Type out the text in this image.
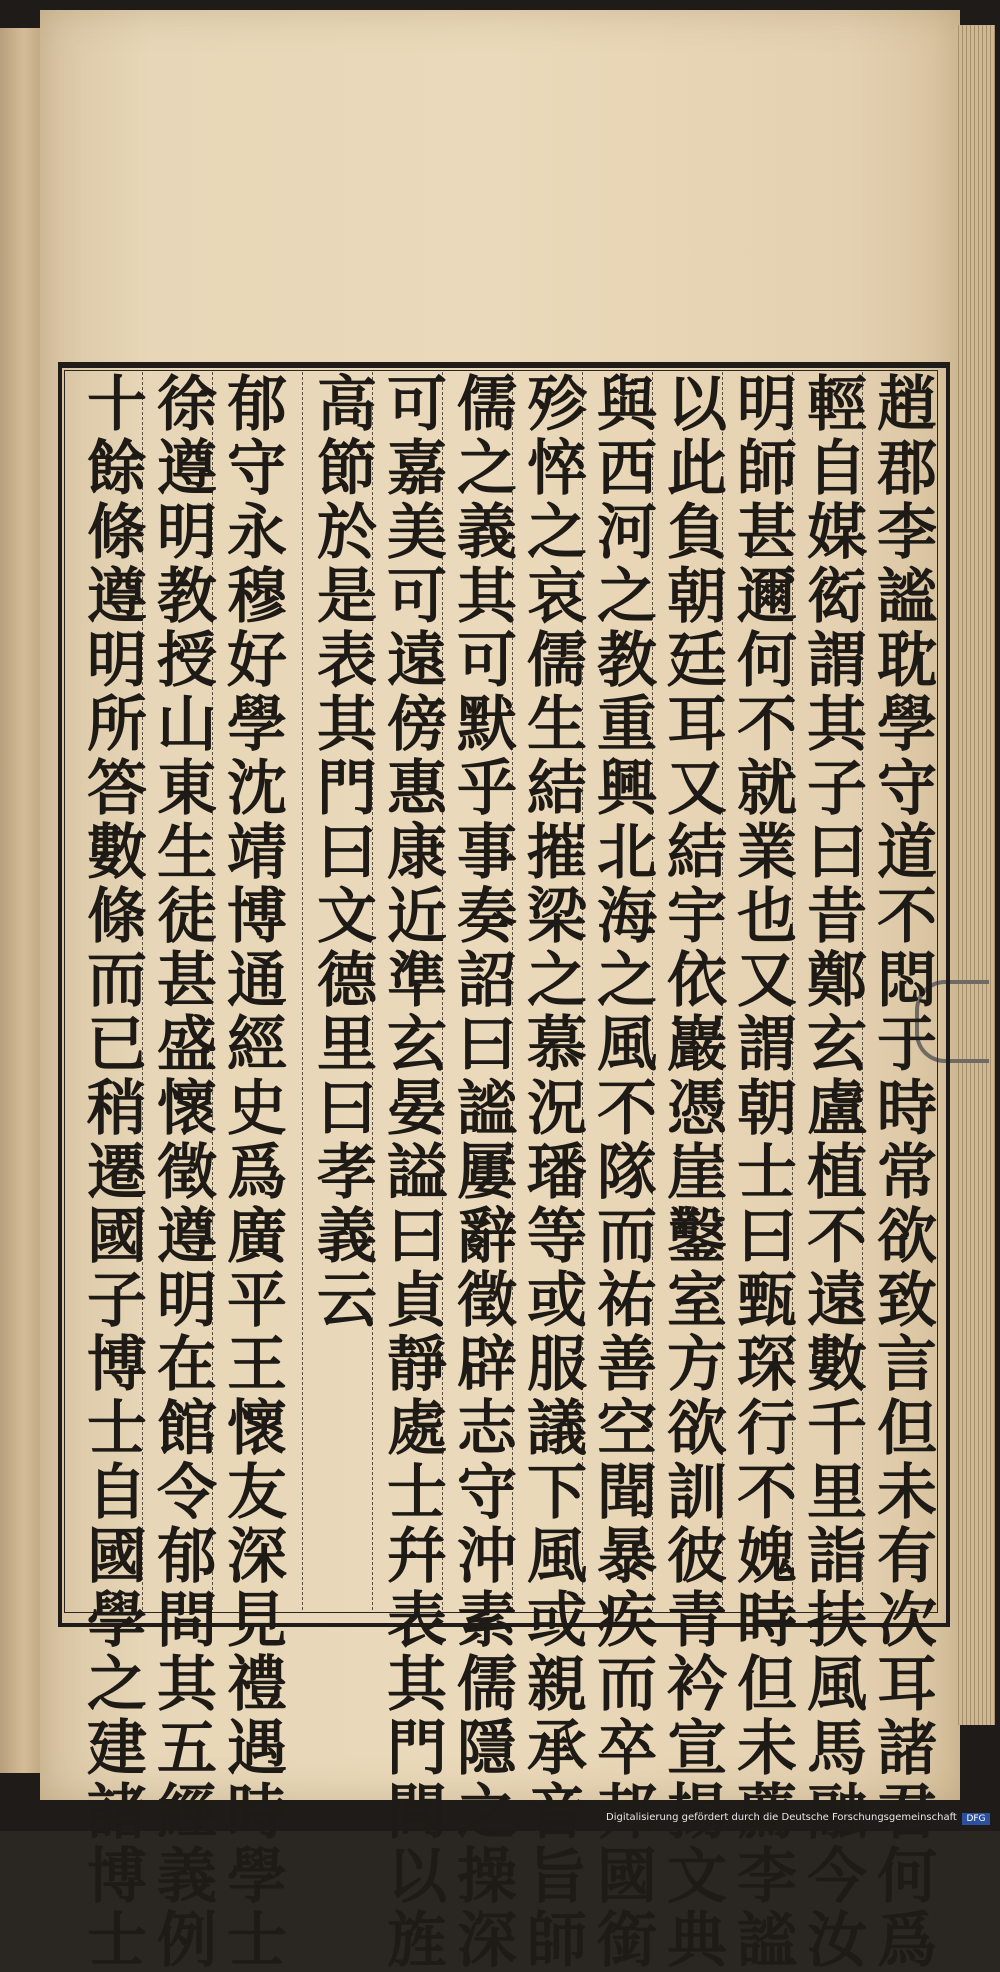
趙郡李謐耽學守道不悶于時常欲致言但未有次耳諸君何爲
輕自媒衒謂其子曰昔鄭玄盧植不遠數千里詣扶風馬融今汝
明師甚邇何不就業也又謂朝士曰甄琛行不媿時但未薦李謐
以此負朝廷耳又結宇依巖憑崖鑿室方欲訓彼青衿宣揚文典
與西河之教重興北海之風不隊而祐善空聞暴疾而卒邦國銜
殄悴之哀儒生結摧梁之慕況璠等或服議下風或親承音旨師
儒之義其可默乎事奏詔曰謐屢辭徵辟志守沖素儒隱之操深
可嘉美可遠傍惠康近準玄晏謚曰貞靜處士幷表其門閭以旌
高節於是表其門曰文德里曰孝義云
郁守永穆好學沈靖博通經史爲廣平王懷友深見禮遇時學士
徐遵明教授山東生徒甚盛懷徵遵明在館令郁問其五經義例
十餘條遵明所答數條而已稍遷國子博士自國學之建諸博士	Digitalisierung gefördert durch die Deutsche Forschungsgemeinschaft	DFG
